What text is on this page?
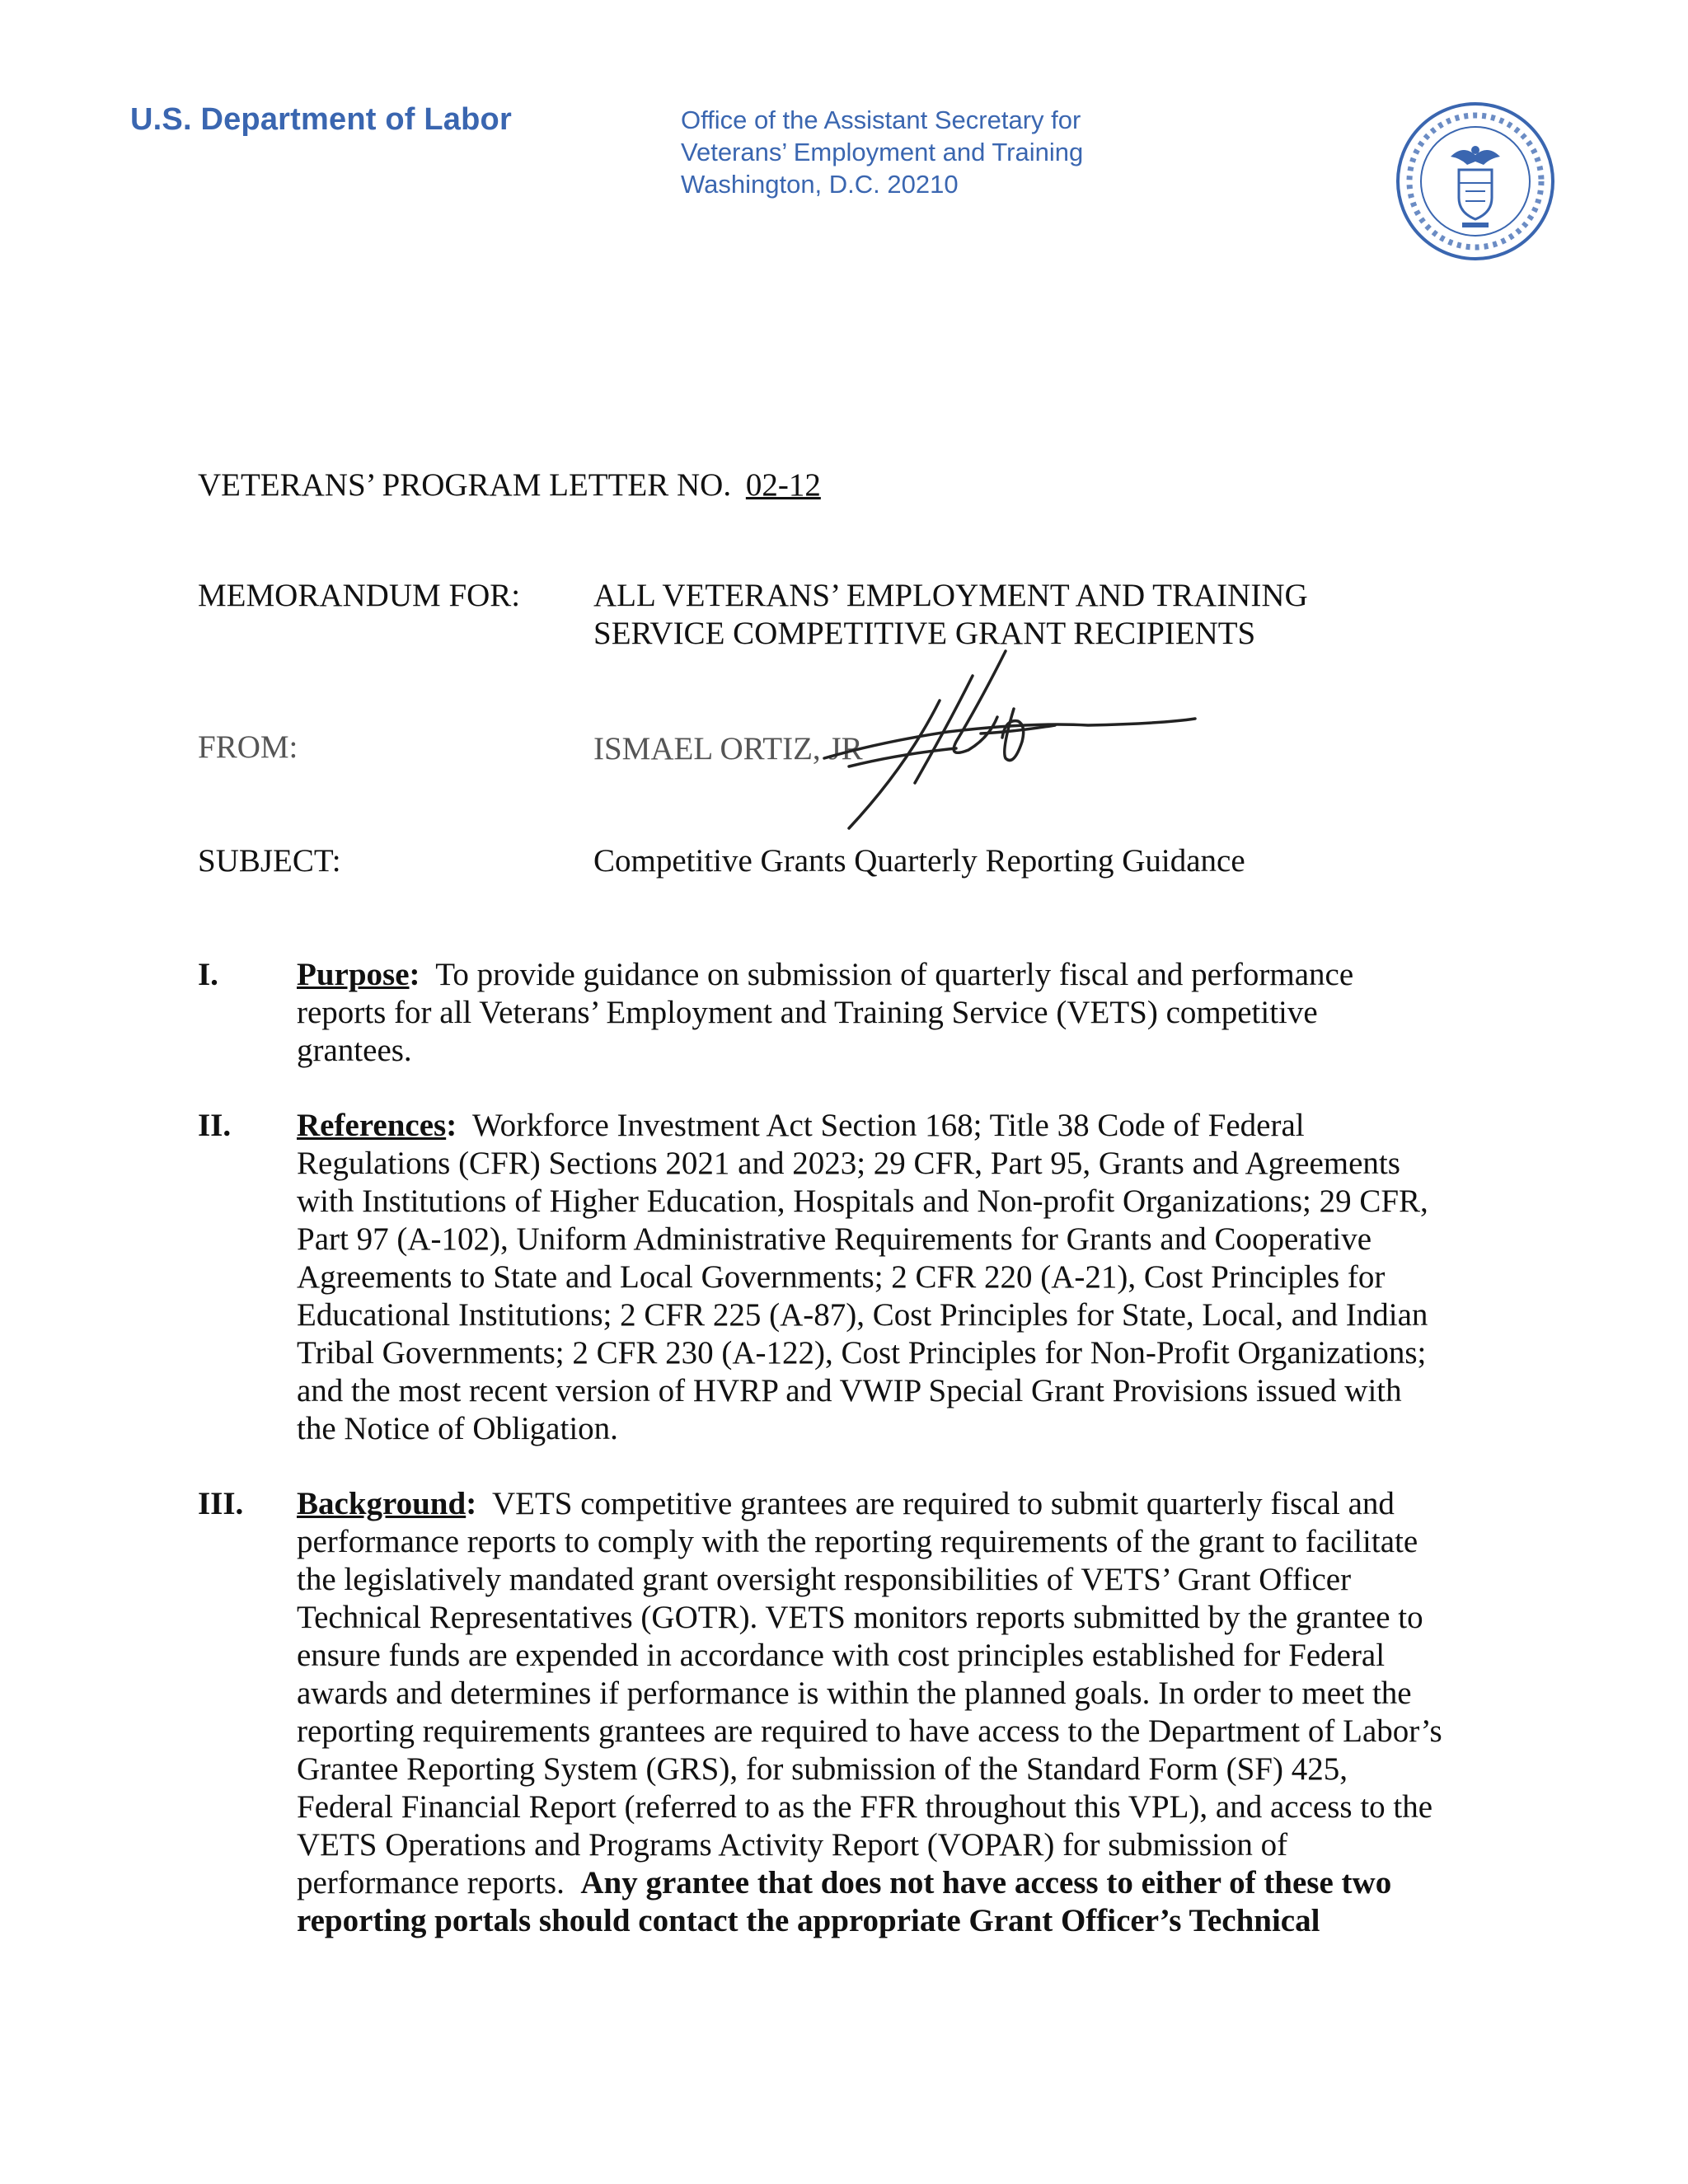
U.S. Department of Labor	Office of the Assistant Secretary for
Veterans’ Employment and Training
Washington, D.C. 20210
VETERANS’ PROGRAM LETTER NO. 02-12
MEMORANDUM FOR: ALL VETERANS’ EMPLOYMENT AND TRAINING
SERVICE COMPETITIVE GRANT RECIPIENTS
FROM:	ISMAEL ORTIZ, JR
SUBJECT:	Competitive Grants Quarterly Reporting Guidance
I. Purpose: To provide guidance on submission of quarterly fiscal and performance
reports for all Veterans’ Employment and Training Service (VETS) competitive
grantees.
II. References: Workforce Investment Act Section 168; Title 38 Code of Federal
Regulations (CFR) Sections 2021 and 2023; 29 CFR, Part 95, Grants and Agreements
with Institutions of Higher Education, Hospitals and Non-profit Organizations; 29 CFR,
Part 97 (A-102), Uniform Administrative Requirements for Grants and Cooperative
Agreements to State and Local Governments; 2 CFR 220 (A-21), Cost Principles for
Educational Institutions; 2 CFR 225 (A-87), Cost Principles for State, Local, and Indian
Tribal Governments; 2 CFR 230 (A-122), Cost Principles for Non-Profit Organizations;
and the most recent version of HVRP and VWIP Special Grant Provisions issued with
the Notice of Obligation.
III. Background: VETS competitive grantees are required to submit quarterly fiscal and
performance reports to comply with the reporting requirements of the grant to facilitate
the legislatively mandated grant oversight responsibilities of VETS’ Grant Officer
Technical Representatives (GOTR). VETS monitors reports submitted by the grantee to
ensure funds are expended in accordance with cost principles established for Federal
awards and determines if performance is within the planned goals. In order to meet the
reporting requirements grantees are required to have access to the Department of Labor’s
Grantee Reporting System (GRS), for submission of the Standard Form (SF) 425,
Federal Financial Report (referred to as the FFR throughout this VPL), and access to the
VETS Operations and Programs Activity Report (VOPAR) for submission of
performance reports. Any grantee that does not have access to either of these two
reporting portals should contact the appropriate Grant Officer’s Technical
